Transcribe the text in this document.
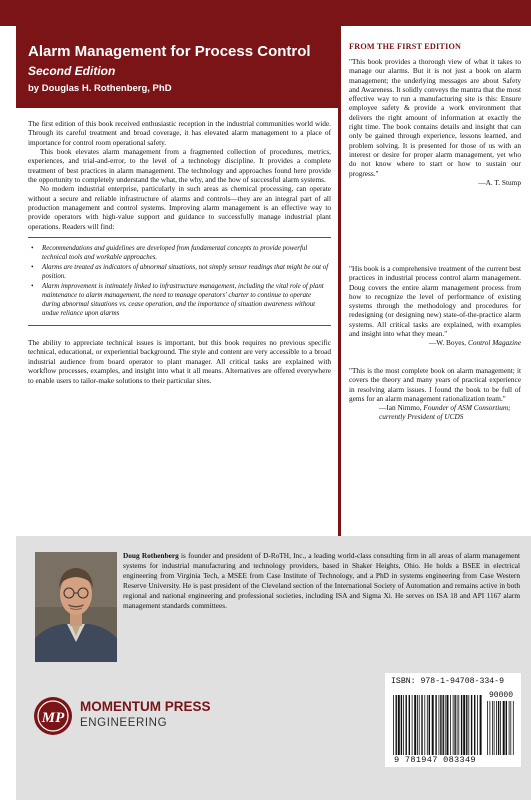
Alarm Management for Process Control
Second Edition
by Douglas H. Rothenberg, PhD

The first edition of this book received enthusiastic reception in the industrial communities world wide. Through its careful treatment and broad coverage, it has elevated alarm management to a place of importance for control room operational safety.

This book elevates alarm management from a fragmented collection of procedures, metrics, experiences, and trial-and-error, to the level of a technology discipline. It provides a complete treatment of best practices in alarm management. The technology and approaches found here provide the opportunity to completely understand the what, the why, and the how of successful alarm systems.

No modern industrial enterprise, particularly in such areas as chemical processing, can operate without a secure and reliable infrastructure of alarms and controls—they are an integral part of all production management and control systems. Improving alarm management is an effective way to provide operators with high-value support and guidance to successfully manage industrial plant operations. Readers will find:

• Recommendations and guidelines are developed from fundamental concepts to provide powerful technical tools and workable approaches.
• Alarms are treated as indicators of abnormal situations, not simply sensor readings that might be out of position.
• Alarm improvement is intimately linked to infrastructure management, including the vital role of plant maintenance to alarm management, the need to manage operators' charter to continue to operate during abnormal situations vs. cease operation, and the importance of situation awareness without undue reliance upon alarms

The ability to appreciate technical issues is important, but this book requires no previous specific technical, educational, or experiential background. The style and content are very accessible to a broad industrial audience from board operator to plant manager. All critical tasks are explained with workflow processes, examples, and insight into what it all means. Alternatives are offered everywhere to enable users to tailor-make solutions to their particular sites.

FROM THE FIRST EDITION

"This book provides a thorough view of what it takes to manage our alarms. But it is not just a book on alarm management; the underlying messages are about Safety and Awareness. It solidly conveys the mantra that the most effective way to run a manufacturing site is this: Ensure employee safety & provide a work environment that delivers the right amount of information at exactly the right time. The book contains details and insight that can only be gained through experience, lessons learned, and problem solving. It is presented for those of us with an interest or desire for proper alarm management, yet who do not know where to start or how to sustain our progress."

—A. T. Stump

"His book is a comprehensive treatment of the current best practices in industrial process control alarm management. Doug covers the entire alarm management process from how to recognize the level of performance of existing systems through the methodology and procedures for redesigning (or designing new) state-of-the-practice alarm systems. All critical tasks are explained, with examples and insight into what they mean."

—W. Boyes, Control Magazine

"This is the most complete book on alarm management; it covers the theory and many years of practical experience in resolving alarm issues. I found the book to be full of gems for an alarm management rationalization team."

—Ian Nimmo, Founder of ASM Consortium; currently President of UCDS

Doug Rothenberg is founder and president of D-RoTH, Inc., a leading world-class consulting firm in all areas of alarm management systems for industrial manufacturing and technology providers, based in Shaker Heights, Ohio. He holds a BSEE in electrical engineering from Virginia Tech, a MSEE from Case Institute of Technology, and a PhD in systems engineering from Case Western Reserve University. He is past president of the Cleveland section of the International Society of Automation and remains active in both regional and national engineering and professional societies, including ISA and Sigma Xi. He serves on ISA 18 and API 1167 alarm management standards committees.

MP
MOMENTUM PRESS
ENGINEERING
ISBN: 978-1-94708-334-9
90000
9 781947 083349
